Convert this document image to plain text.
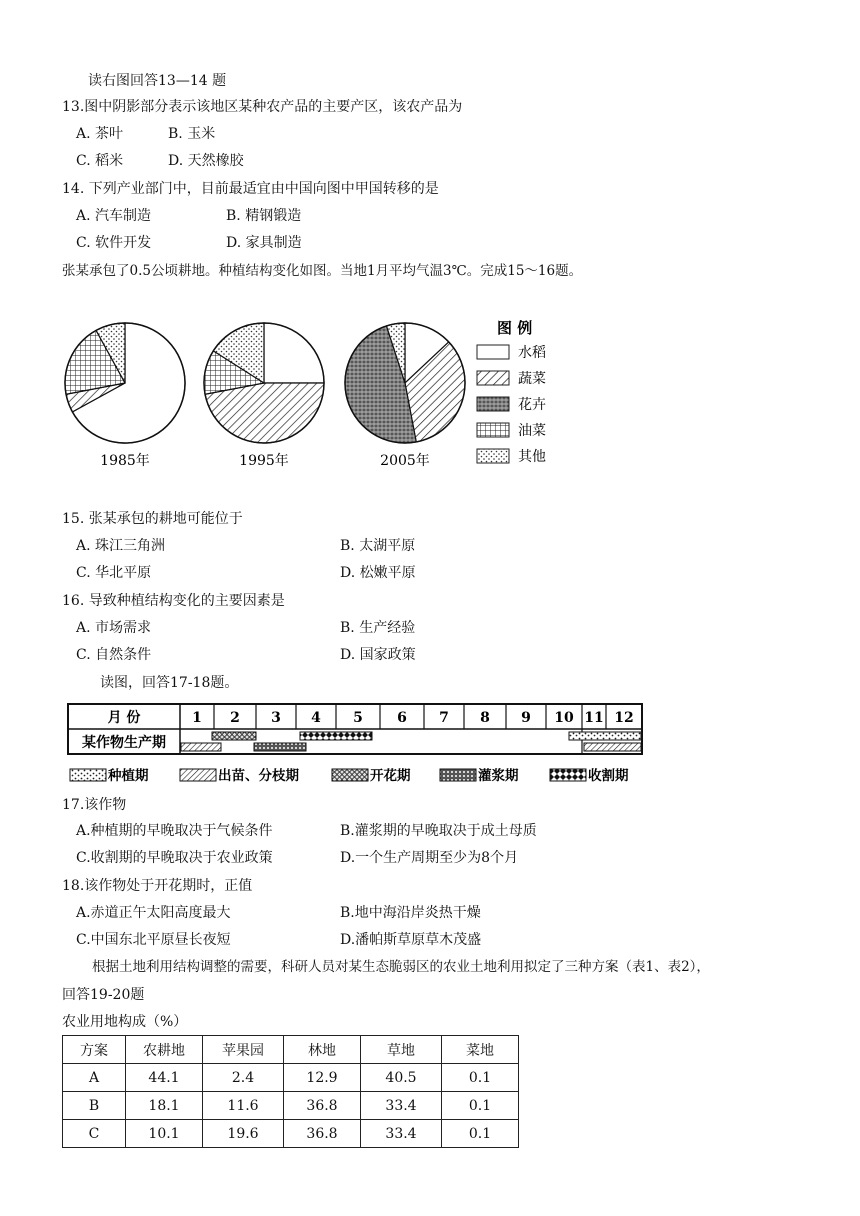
读右图回答13—14 题
13.图中阴影部分表示该地区某种农产品的主要产区，该农产品为
A. 茶叶	B. 玉米
C. 稻米	D. 天然橡胶
14. 下列产业部门中，目前最适宜由中国向图中甲国转移的是
A. 汽车制造	B. 精钢锻造
C. 软件开发	D. 家具制造
张某承包了0.5公顷耕地。种植结构变化如图。当地1月平均气温3℃。完成15～16题。
1985年	1995年	2005年
图 例
水稻
蔬菜
花卉
油菜
其他
15. 张某承包的耕地可能位于
A. 珠江三角洲	B. 太湖平原
C. 华北平原	D. 松嫩平原
16. 导致种植结构变化的主要因素是
A. 市场需求	B. 生产经验
C. 自然条件	D. 国家政策
读图，回答17-18题。
月 份
某作物生产期
1 2 3 4 5 6 7 8 9 10 11 12
种植期	出苗、分枝期	开花期	灌浆期	收割期
17.该作物
A.种植期的早晚取决于气候条件	B.灌浆期的早晚取决于成土母质
C.收割期的早晚取决于农业政策	D.一个生产周期至少为8个月
18.该作物处于开花期时，正值
A.赤道正午太阳高度最大	B.地中海沿岸炎热干燥
C.中国东北平原昼长夜短	D.潘帕斯草原草木茂盛
根据土地利用结构调整的需要，科研人员对某生态脆弱区的农业土地利用拟定了三种方案（表1、表2），
回答19-20题
农业用地构成（%）
方案	农耕地	苹果园	林地	草地	菜地
A	44.1	2.4	12.9	40.5	0.1
B	18.1	11.6	36.8	33.4	0.1
C	10.1	19.6	36.8	33.4	0.1
